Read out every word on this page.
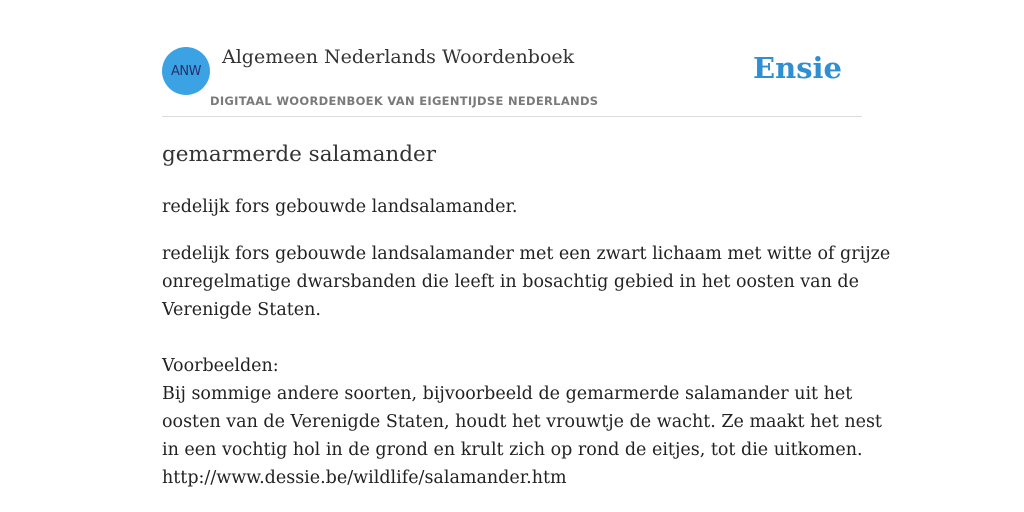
ANW
Algemeen Nederlands Woordenboek
DIGITAAL WOORDENBOEK VAN EIGENTIJDSE NEDERLANDS
Ensie
gemarmerde salamander

redelijk fors gebouwde landsalamander.

redelijk fors gebouwde landsalamander met een zwart lichaam met witte of grijze
onregelmatige dwarsbanden die leeft in bosachtig gebied in het oosten van de
Verenigde Staten.

Voorbeelden:
Bij sommige andere soorten, bijvoorbeeld de gemarmerde salamander uit het
oosten van de Verenigde Staten, houdt het vrouwtje de wacht. Ze maakt het nest
in een vochtig hol in de grond en krult zich op rond de eitjes, tot die uitkomen.
http://www.dessie.be/wildlife/salamander.htm
